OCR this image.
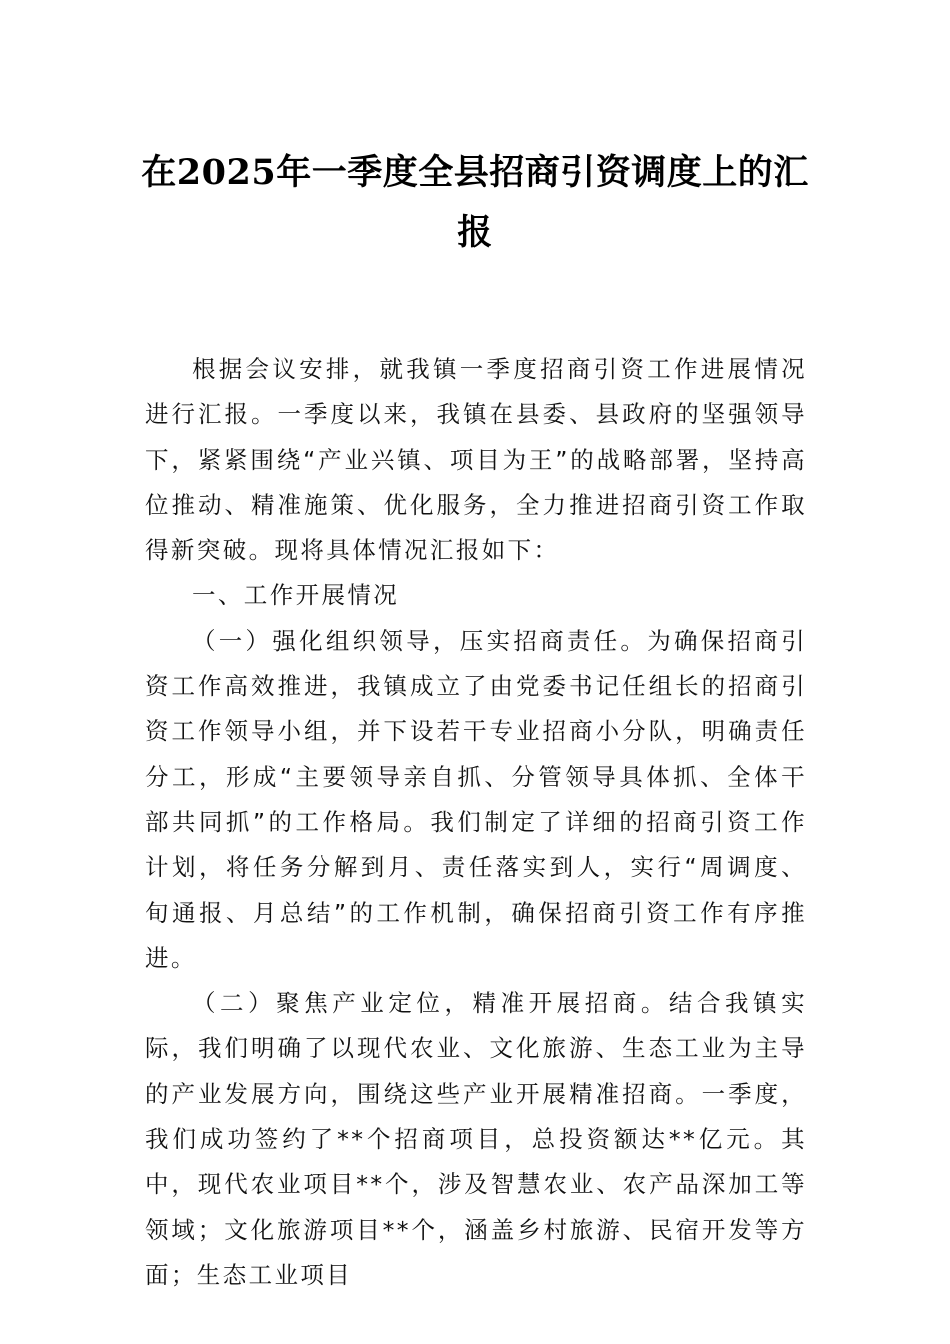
在2025年一季度全县招商引资调度上的汇报

根据会议安排，就我镇一季度招商引资工作进展情况进行汇报。一季度以来，我镇在县委、县政府的坚强领导下，紧紧围绕“产业兴镇、项目为王”的战略部署，坚持高位推动、精准施策、优化服务，全力推进招商引资工作取得新突破。现将具体情况汇报如下：

一、工作开展情况

（一）强化组织领导，压实招商责任。为确保招商引资工作高效推进，我镇成立了由党委书记任组长的招商引资工作领导小组，并下设若干专业招商小分队，明确责任分工，形成“主要领导亲自抓、分管领导具体抓、全体干部共同抓”的工作格局。我们制定了详细的招商引资工作计划，将任务分解到月、责任落实到人，实行“周调度、旬通报、月总结”的工作机制，确保招商引资工作有序推进。

（二）聚焦产业定位，精准开展招商。结合我镇实际，我们明确了以现代农业、文化旅游、生态工业为主导的产业发展方向，围绕这些产业开展精准招商。一季度，我们成功签约了**个招商项目，总投资额达**亿元。其中，现代农业项目**个，涉及智慧农业、农产品深加工等领域；文化旅游项目**个，涵盖乡村旅游、民宿开发等方面；生态工业项目
